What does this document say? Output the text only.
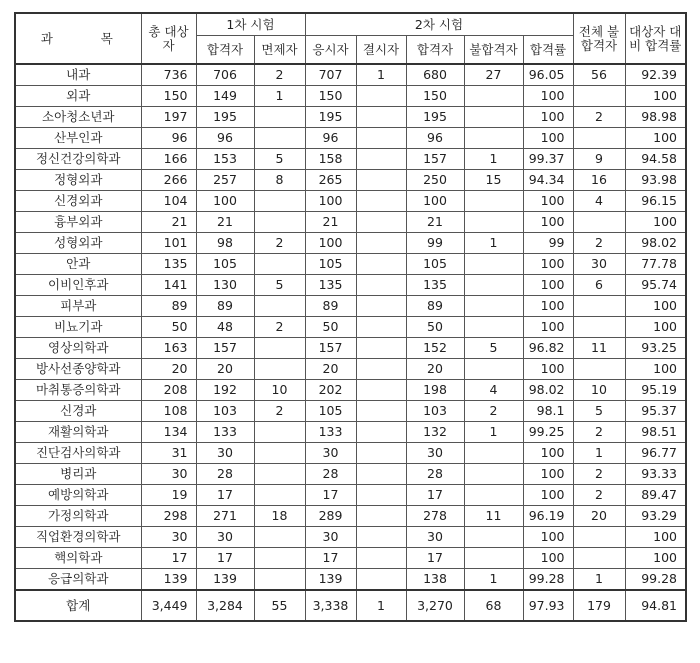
과 목	총 대상자	1차 시험		2차 시험					전체 불합격자	대상자 대비 합격률
		합격자	면제자	응시자	결시자	합격자	불합격자	합격률		
내과	736	706	2	707	1	680	27	96.05	56	92.39
외과	150	149	1	150		150		100		100
소아청소년과	197	195		195		195		100	2	98.98
산부인과	96	96		96		96		100		100
정신건강의학과	166	153	5	158		157	1	99.37	9	94.58
정형외과	266	257	8	265		250	15	94.34	16	93.98
신경외과	104	100		100		100		100	4	96.15
흉부외과	21	21		21		21		100		100
성형외과	101	98	2	100		99	1	99	2	98.02
안과	135	105		105		105		100	30	77.78
이비인후과	141	130	5	135		135		100	6	95.74
피부과	89	89		89		89		100		100
비뇨기과	50	48	2	50		50		100		100
영상의학과	163	157		157		152	5	96.82	11	93.25
방사선종양학과	20	20		20		20		100		100
마취통증의학과	208	192	10	202		198	4	98.02	10	95.19
신경과	108	103	2	105		103	2	98.1	5	95.37
재활의학과	134	133		133		132	1	99.25	2	98.51
진단검사의학과	31	30		30		30		100	1	96.77
병리과	30	28		28		28		100	2	93.33
예방의학과	19	17		17		17		100	2	89.47
가정의학과	298	271	18	289		278	11	96.19	20	93.29
직업환경의학과	30	30		30		30		100		100
핵의학과	17	17		17		17		100		100
응급의학과	139	139		139		138	1	99.28	1	99.28
합계	3,449	3,284	55	3,338	1	3,270	68	97.93	179	94.81
